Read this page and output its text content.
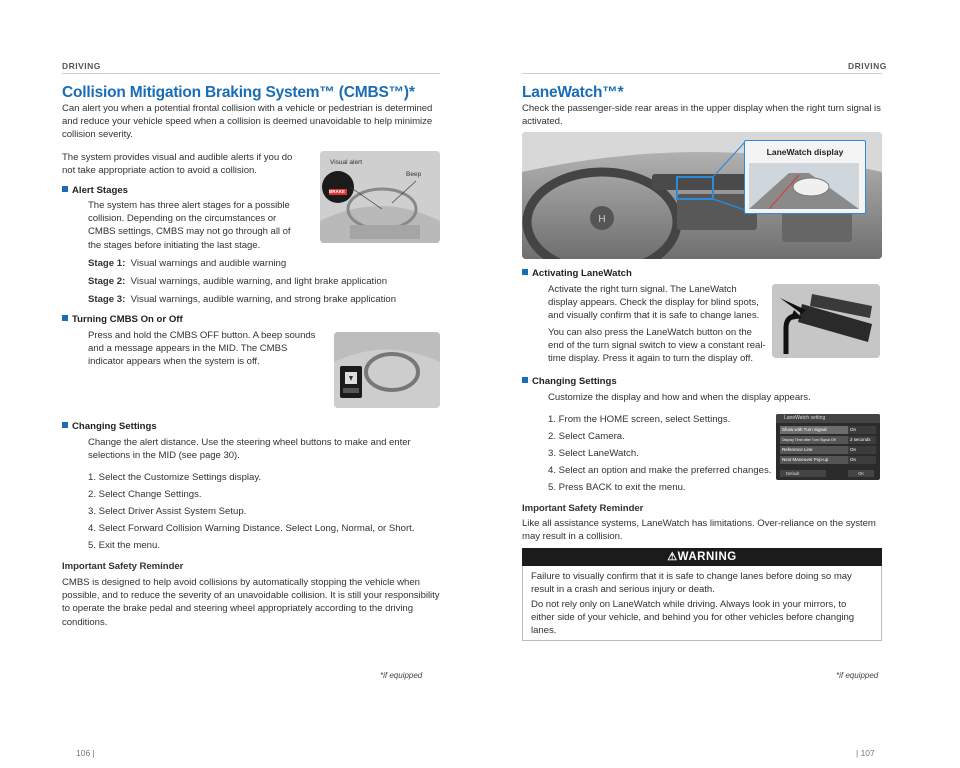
DRIVING
Collision Mitigation Braking System™ (CMBS™)*

Can alert you when a potential frontal collision with a vehicle or pedestrian is determined and reduce your vehicle speed when a collision is deemed unavoidable to help minimize collision severity.

The system provides visual and audible alerts if you do not take appropriate action to avoid a collision.

Visual alert
Beep
BRAKE
Alert Stages

The system has three alert stages for a possible collision. Depending on the circumstances or CMBS settings, CMBS may not go through all of the stages before initiating the last stage.

Stage 1: Visual warnings and audible warning

Stage 2: Visual warnings, audible warning, and light brake application

Stage 3: Visual warnings, audible warning, and strong brake application

Turning CMBS On or Off

Press and hold the CMBS OFF button. A beep sounds and a message appears in the MID. The CMBS indicator appears when the system is off.

Changing Settings

Change the alert distance. Use the steering wheel buttons to make and enter selections in the MID (see page 30).

1. Select the Customize Settings display.

2. Select Change Settings.

3. Select Driver Assist System Setup.

4. Select Forward Collision Warning Distance. Select Long, Normal, or Short.

5. Exit the menu.

Important Safety Reminder

CMBS is designed to help avoid collisions by automatically stopping the vehicle when possible, and to reduce the severity of an unavoidable collision. It is still your responsibility to operate the brake pedal and steering wheel appropriately according to the driving conditions.

*if equipped
106 |
DRIVING
LaneWatch™*

Check the passenger-side rear areas in the upper display when the right turn signal is activated.

H
LaneWatch display
Activating LaneWatch

Activate the right turn signal. The LaneWatch display appears. Check the display for blind spots, and visually confirm that it is safe to change lanes.

You can also press the LaneWatch button on the end of the turn signal switch to view a constant real-time display. Press it again to turn the display off.

Changing Settings

Customize the display and how and when the display appears.

1. From the HOME screen, select Settings.

2. Select Camera.

3. Select LaneWatch.

4. Select an option and make the preferred changes.

5. Press BACK to exit the menu.

LaneWatch setting
Show with Turn Signal	On
Display Time after Turn Signal Off	2 seconds
Reference Line	On
Next Maneuver Pop-up	On
Default	OK

Important Safety Reminder

Like all assistance systems, LaneWatch has limitations. Over-reliance on the system may result in a collision.

⚠WARNING

Failure to visually confirm that it is safe to change lanes before doing so may result in a crash and serious injury or death.

Do not rely only on LaneWatch while driving. Always look in your mirrors, to either side of your vehicle, and behind you for other vehicles before changing lanes.

*if equipped
| 107
